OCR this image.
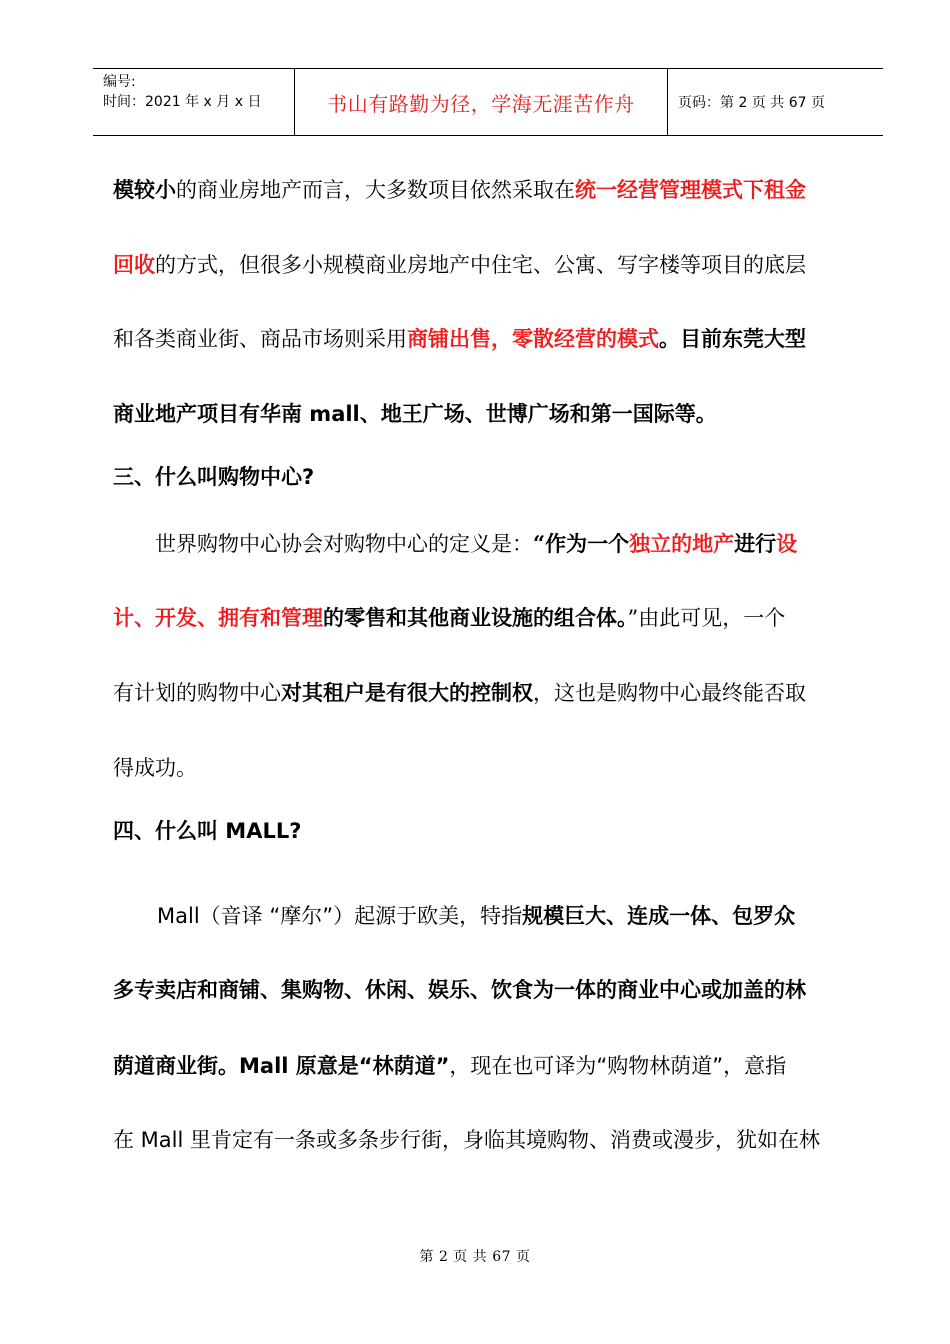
编号:
时间：2021 年 x 月 x 日	书山有路勤为径，学海无涯苦作舟	页码：第 2 页 共 67 页
模较小的商业房地产而言，大多数项目依然采取在统一经营管理模式下租金
回收的方式，但很多小规模商业房地产中住宅、公寓、写字楼等项目的底层
和各类商业街、商品市场则采用商铺出售，零散经营的模式。目前东莞大型
商业地产项目有华南 mall、地王广场、世博广场和第一国际等。
三、什么叫购物中心?
世界购物中心协会对购物中心的定义是：“作为一个独立的地产进行设
计、开发、拥有和管理的零售和其他商业设施的组合体。”由此可见，一个
有计划的购物中心对其租户是有很大的控制权，这也是购物中心最终能否取
得成功。
四、什么叫 MALL?
Mall（音译 “摩尔”）起源于欧美，特指规模巨大、连成一体、包罗众
多专卖店和商铺、集购物、休闲、娱乐、饮食为一体的商业中心或加盖的林
荫道商业街。Mall 原意是“林荫道”，现在也可译为“购物林荫道”，意指
在 Mall 里肯定有一条或多条步行街，身临其境购物、消费或漫步，犹如在林
第 2 页 共 67 页
